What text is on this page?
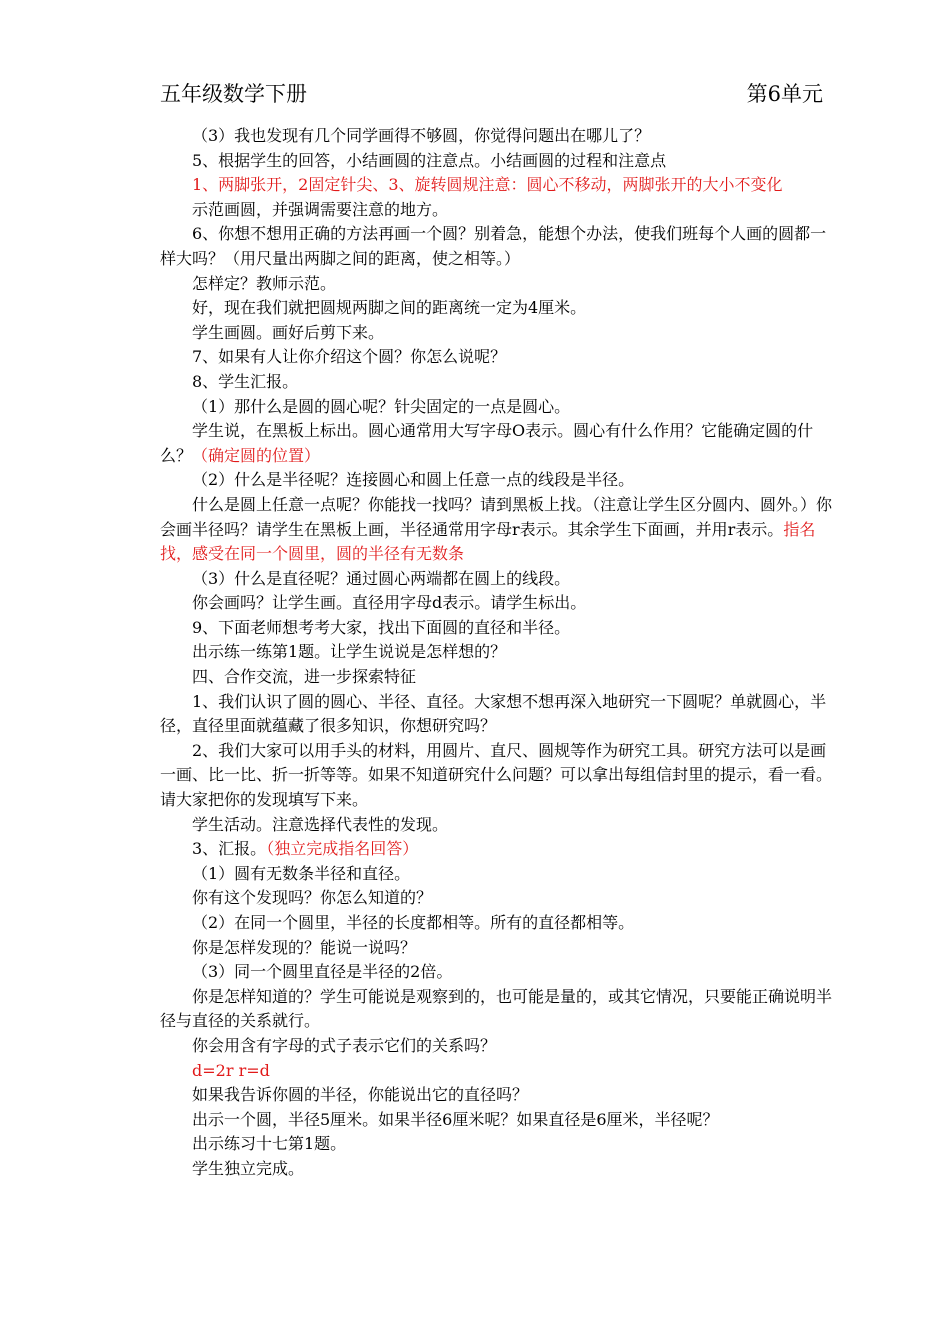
五年级数学下册	第6单元

（3）我也发现有几个同学画得不够圆，你觉得问题出在哪儿了？

5、根据学生的回答，小结画圆的注意点。小结画圆的过程和注意点

1、两脚张开，2固定针尖、3、旋转圆规注意：圆心不移动，两脚张开的大小不变化

示范画圆，并强调需要注意的地方。

6、你想不想用正确的方法再画一个圆？别着急，能想个办法，使我们班每个人画的圆都一样大吗？（用尺量出两脚之间的距离，使之相等。）

怎样定？教师示范。

好，现在我们就把圆规两脚之间的距离统一定为4厘米。

学生画圆。画好后剪下来。

7、如果有人让你介绍这个圆？你怎么说呢？

8、学生汇报。

（1）那什么是圆的圆心呢？针尖固定的一点是圆心。

学生说，在黑板上标出。圆心通常用大写字母O表示。圆心有什么作用？它能确定圆的什么？（确定圆的位置）

（2）什么是半径呢？连接圆心和圆上任意一点的线段是半径。

什么是圆上任意一点呢？你能找一找吗？请到黑板上找。（注意让学生区分圆内、圆外。）你会画半径吗？请学生在黑板上画，半径通常用字母r表示。其余学生下面画，并用r表示。指名找，感受在同一个圆里，圆的半径有无数条

（3）什么是直径呢？通过圆心两端都在圆上的线段。

你会画吗？让学生画。直径用字母d表示。请学生标出。

9、下面老师想考考大家，找出下面圆的直径和半径。

出示练一练第1题。让学生说说是怎样想的？

四、合作交流，进一步探索特征

1、我们认识了圆的圆心、半径、直径。大家想不想再深入地研究一下圆呢？单就圆心，半径，直径里面就蕴藏了很多知识，你想研究吗？

2、我们大家可以用手头的材料，用圆片、直尺、圆规等作为研究工具。研究方法可以是画一画、比一比、折一折等等。如果不知道研究什么问题？可以拿出每组信封里的提示，看一看。请大家把你的发现填写下来。

学生活动。注意选择代表性的发现。

3、汇报。（独立完成指名回答）

（1）圆有无数条半径和直径。

你有这个发现吗？你怎么知道的？

（2）在同一个圆里，半径的长度都相等。所有的直径都相等。

你是怎样发现的？能说一说吗？

（3）同一个圆里直径是半径的2倍。

你是怎样知道的？学生可能说是观察到的，也可能是量的，或其它情况，只要能正确说明半径与直径的关系就行。

你会用含有字母的式子表示它们的关系吗？

d=2r r=d

如果我告诉你圆的半径，你能说出它的直径吗？

出示一个圆，半径5厘米。如果半径6厘米呢？如果直径是6厘米，半径呢？

出示练习十七第1题。

学生独立完成。
